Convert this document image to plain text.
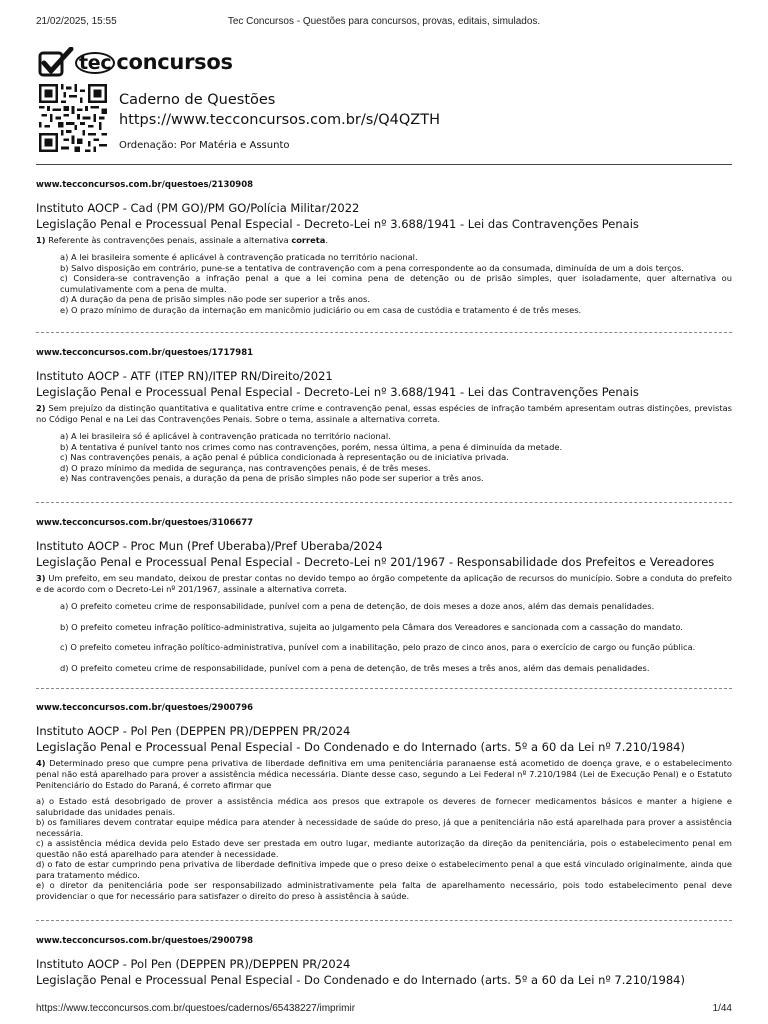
21/02/2025, 15:55	Tec Concursos - Questões para concursos, provas, editais, simulados.
tec concursos
Caderno de Questões
https://www.tecconcursos.com.br/s/Q4QZTH
Ordenação: Por Matéria e Assunto
www.tecconcursos.com.br/questoes/2130908
Instituto AOCP - Cad (PM GO)/PM GO/Polícia Militar/2022
Legislação Penal e Processual Penal Especial - Decreto-Lei nº 3.688/1941 - Lei das Contravenções Penais
1) Referente às contravenções penais, assinale a alternativa correta.
a) A lei brasileira somente é aplicável à contravenção praticada no território nacional.
b) Salvo disposição em contrário, pune-se a tentativa de contravenção com a pena correspondente ao da consumada, diminuída de um a dois terços.
c) Considera-se contravenção a infração penal a que a lei comina pena de detenção ou de prisão simples, quer isoladamente, quer alternativa ou cumulativamente com a pena de multa.
d) A duração da pena de prisão simples não pode ser superior a três anos.
e) O prazo mínimo de duração da internação em manicômio judiciário ou em casa de custódia e tratamento é de três meses.
www.tecconcursos.com.br/questoes/1717981
Instituto AOCP - ATF (ITEP RN)/ITEP RN/Direito/2021
Legislação Penal e Processual Penal Especial - Decreto-Lei nº 3.688/1941 - Lei das Contravenções Penais
2) Sem prejuízo da distinção quantitativa e qualitativa entre crime e contravenção penal, essas espécies de infração também apresentam outras distinções, previstas no Código Penal e na Lei das Contravenções Penais. Sobre o tema, assinale a alternativa correta.
a) A lei brasileira só é aplicável à contravenção praticada no território nacional.
b) A tentativa é punível tanto nos crimes como nas contravenções, porém, nessa última, a pena é diminuída da metade.
c) Nas contravenções penais, a ação penal é pública condicionada à representação ou de iniciativa privada.
d) O prazo mínimo da medida de segurança, nas contravenções penais, é de três meses.
e) Nas contravenções penais, a duração da pena de prisão simples não pode ser superior a três anos.
www.tecconcursos.com.br/questoes/3106677
Instituto AOCP - Proc Mun (Pref Uberaba)/Pref Uberaba/2024
Legislação Penal e Processual Penal Especial - Decreto-Lei nº 201/1967 - Responsabilidade dos Prefeitos e Vereadores
3) Um prefeito, em seu mandato, deixou de prestar contas no devido tempo ao órgão competente da aplicação de recursos do município. Sobre a conduta do prefeito e de acordo com o Decreto-Lei nº 201/1967, assinale a alternativa correta.
a) O prefeito cometeu crime de responsabilidade, punível com a pena de detenção, de dois meses a doze anos, além das demais penalidades.
b) O prefeito cometeu infração político-administrativa, sujeita ao julgamento pela Câmara dos Vereadores e sancionada com a cassação do mandato.
c) O prefeito cometeu infração político-administrativa, punível com a inabilitação, pelo prazo de cinco anos, para o exercício de cargo ou função pública.
d) O prefeito cometeu crime de responsabilidade, punível com a pena de detenção, de três meses a três anos, além das demais penalidades.
www.tecconcursos.com.br/questoes/2900796
Instituto AOCP - Pol Pen (DEPPEN PR)/DEPPEN PR/2024
Legislação Penal e Processual Penal Especial - Do Condenado e do Internado (arts. 5º a 60 da Lei nº 7.210/1984)
4) Determinado preso que cumpre pena privativa de liberdade definitiva em uma penitenciária paranaense está acometido de doença grave, e o estabelecimento penal não está aparelhado para prover a assistência médica necessária. Diante desse caso, segundo a Lei Federal nº 7.210/1984 (Lei de Execução Penal) e o Estatuto Penitenciário do Estado do Paraná, é correto afirmar que
a) o Estado está desobrigado de prover a assistência médica aos presos que extrapole os deveres de fornecer medicamentos básicos e manter a higiene e salubridade das unidades penais.
b) os familiares devem contratar equipe médica para atender à necessidade de saúde do preso, já que a penitenciária não está aparelhada para prover a assistência necessária.
c) a assistência médica devida pelo Estado deve ser prestada em outro lugar, mediante autorização da direção da penitenciária, pois o estabelecimento penal em questão não está aparelhado para atender à necessidade.
d) o fato de estar cumprindo pena privativa de liberdade definitiva impede que o preso deixe o estabelecimento penal a que está vinculado originalmente, ainda que para tratamento médico.
e) o diretor da penitenciária pode ser responsabilizado administrativamente pela falta de aparelhamento necessário, pois todo estabelecimento penal deve providenciar o que for necessário para satisfazer o direito do preso à assistência à saúde.
www.tecconcursos.com.br/questoes/2900798
Instituto AOCP - Pol Pen (DEPPEN PR)/DEPPEN PR/2024
Legislação Penal e Processual Penal Especial - Do Condenado e do Internado (arts. 5º a 60 da Lei nº 7.210/1984)
https://www.tecconcursos.com.br/questoes/cadernos/65438227/imprimir	1/44
